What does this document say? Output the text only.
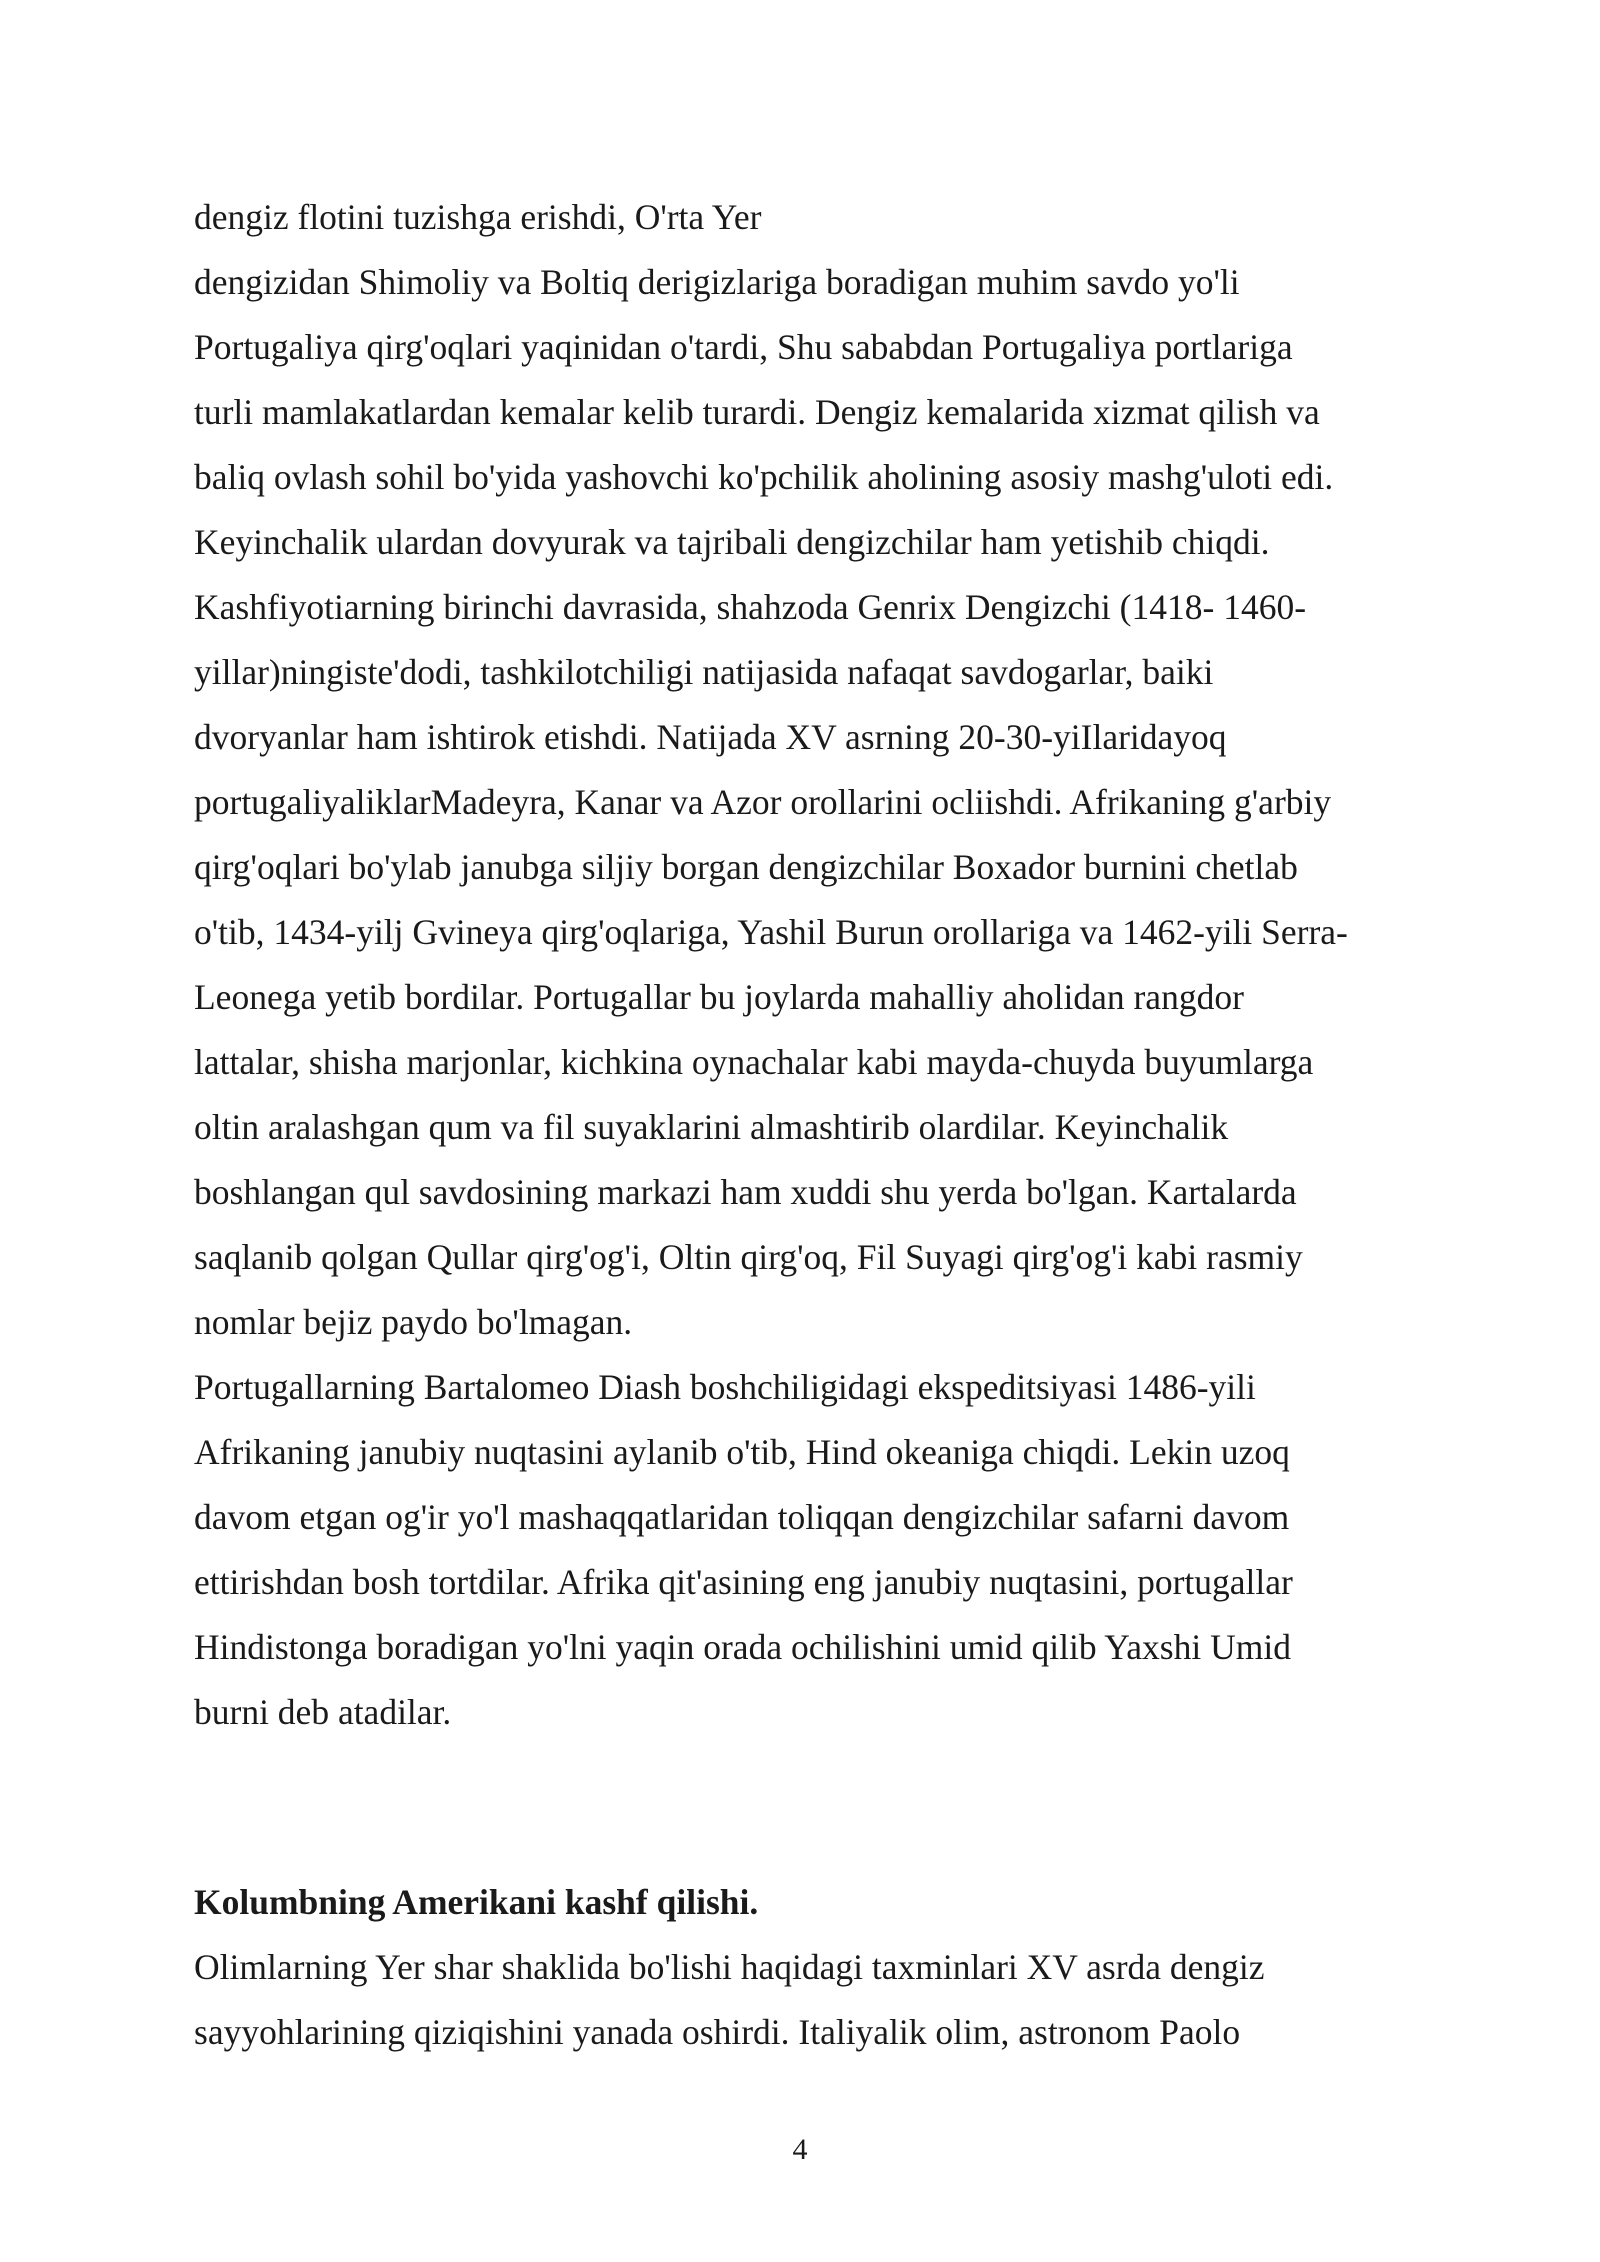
dengiz flotini tuzishga erishdi, O'rta Yer
dengizidan Shimoliy va Boltiq derigizlariga boradigan muhim savdo yo'li
Portugaliya qirg'oqlari yaqinidan o'tardi, Shu sababdan Portugaliya portlariga
turli mamlakatlardan kemalar kelib turardi. Dengiz kemalarida xizmat qilish va
baliq ovlash sohil bo'yida yashovchi ko'pchilik aholining asosiy mashg'uloti edi.
Keyinchalik ulardan dovyurak va tajribali dengizchilar ham yetishib chiqdi.
Kashfiyotiarning birinchi davrasida, shahzoda Genrix Dengizchi (1418- 1460-
yillar)ningiste'dodi, tashkilotchiligi natijasida nafaqat savdogarlar, baiki
dvoryanlar ham ishtirok etishdi. Natijada XV asrning 20-30-yiIlaridayoq
portugaliyaliklarMadeyra, Kanar va Azor orollarini ocliishdi. Afrikaning g'arbiy
qirg'oqlari bo'ylab janubga siljiy borgan dengizchilar Boxador burnini chetlab
o'tib, 1434-yilj Gvineya qirg'oqlariga, Yashil Burun orollariga va 1462-yili Serra-
Leonega yetib bordilar. Portugallar bu joylarda mahalliy aholidan rangdor
lattalar, shisha marjonlar, kichkina oynachalar kabi mayda-chuyda buyumlarga
oltin aralashgan qum va fil suyaklarini almashtirib olardilar. Keyinchalik
boshlangan qul savdosining markazi ham xuddi shu yerda bo'lgan. Kartalarda
saqlanib qolgan Qullar qirg'og'i, Oltin qirg'oq, Fil Suyagi qirg'og'i kabi rasmiy
nomlar bejiz paydo bo'lmagan.
Portugallarning Bartalomeo Diash boshchiligidagi ekspeditsiyasi 1486-yili
Afrikaning janubiy nuqtasini aylanib o'tib, Hind okeaniga chiqdi. Lekin uzoq
davom etgan og'ir yo'l mashaqqatlaridan toliqqan dengizchilar safarni davom
ettirishdan bosh tortdilar. Afrika qit'asining eng janubiy nuqtasini, portugallar
Hindistonga boradigan yo'lni yaqin orada ochilishini umid qilib Yaxshi Umid
burni deb atadilar.
Kolumbning Amerikani kashf qilishi.
Olimlarning Yer shar shaklida bo'lishi haqidagi taxminlari XV asrda dengiz
sayyohlarining qiziqishini yanada oshirdi. Italiyalik olim, astronom Paolo
4
